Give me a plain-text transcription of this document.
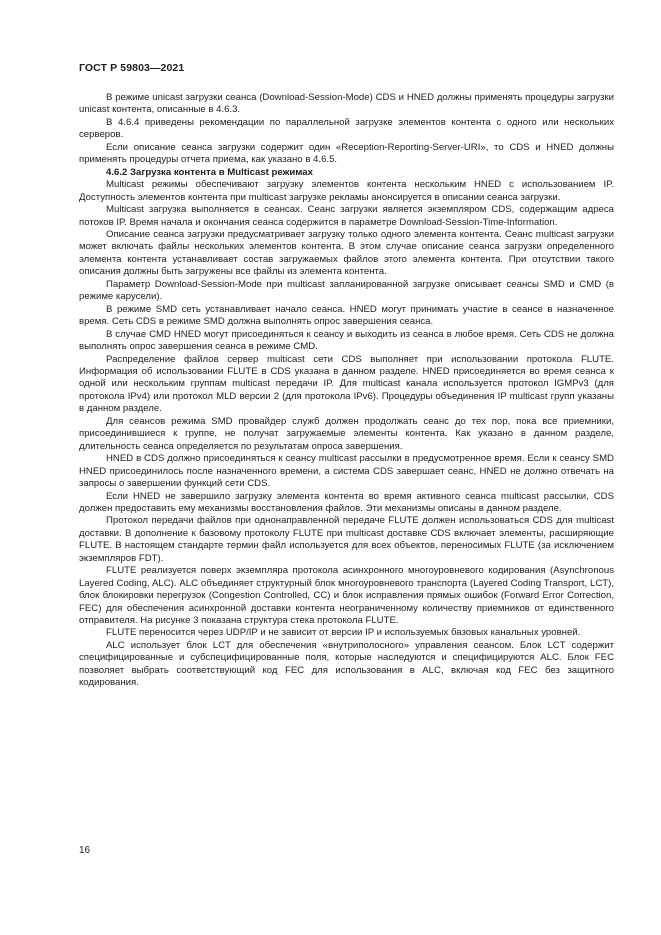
ГОСТ Р 59803—2021

В режиме unicast загрузки сеанса (Download-Session-Mode) CDS и HNED должны применять процедуры загрузки unicast контента, описанные в 4.6.3.

В 4.6.4 приведены рекомендации по параллельной загрузке элементов контента с одного или нескольких серверов.

Если описание сеанса загрузки содержит один «Reception-Reporting-Server-URI», то CDS и HNED должны применять процедуры отчета приема, как указано в 4.6.5.

4.6.2 Загрузка контента в Multicast режимах

Multicast режимы обеспечивают загрузку элементов контента нескольким HNED с использованием IP. Доступность элементов контента при multicast загрузке рекламы анонсируется в описании сеанса загрузки.

Multicast загрузка выполняется в сеансах. Сеанс загрузки является экземпляром CDS, содержащим адреса потоков IP. Время начала и окончания сеанса содержится в параметре Download-Session-Time-Information.

Описание сеанса загрузки предусматривает загрузку только одного элемента контента. Сеанс multicast загрузки может включать файлы нескольких элементов контента. В этом случае описание сеанса загрузки определенного элемента контента устанавливает состав загружаемых файлов этого элемента контента. При отсутствии такого описания должны быть загружены все файлы из элемента контента.

Параметр Download-Session-Mode при multicast запланированной загрузке описывает сеансы SMD и CMD (в режиме карусели).

В режиме SMD сеть устанавливает начало сеанса. HNED могут принимать участие в сеансе в назначенное время. Сеть CDS в режиме SMD должна выполнять опрос завершения сеанса.

В случае CMD HNED могут присоединяться к сеансу и выходить из сеанса в любое время. Сеть CDS не должна выполнять опрос завершения сеанса в режиме CMD.

Распределение файлов сервер multicast сети CDS выполняет при использовании протокола FLUTE. Информация об использовании FLUTE в CDS указана в данном разделе. HNED присоединяется во время сеанса к одной или нескольким группам multicast передачи IP. Для multicast канала используется протокол IGMPv3 (для протокола IPv4) или протокол MLD версии 2 (для протокола IPv6). Процедуры объединения IP multicast групп указаны в данном разделе.

Для сеансов режима SMD провайдер служб должен продолжать сеанс до тех пор, пока все приемники, присоединившиеся к группе, не получат загружаемые элементы контента. Как указано в данном разделе, длительность сеанса определяется по результатам опроса завершения.

HNED в CDS должно присоединяться к сеансу multicast рассылки в предусмотренное время. Если к сеансу SMD HNED присоединилось после назначенного времени, а система CDS завершает сеанс, HNED не должно отвечать на запросы о завершении функций сети CDS.

Если HNED не завершило загрузку элемента контента во время активного сеанса multicast рассылки, CDS должен предоставить ему механизмы восстановления файлов. Эти механизмы описаны в данном разделе.

Протокол передачи файлов при однонаправленной передаче FLUTE должен использоваться CDS для multicast доставки. В дополнение к базовому протоколу FLUTE при multicast доставке CDS включает элементы, расширяющие FLUTE. В настоящем стандарте термин файл используется для всех объектов, переносимых FLUTE (за исключением экземпляров FDT).

FLUTE реализуется поверх экземпляра протокола асинхронного многоуровневого кодирования (Asynchronous Layered Coding, ALC). ALC объединяет структурный блок многоуровневого транспорта (Layered Coding Transport, LCT), блок блокировки перегрузок (Congestion Controlled, CC) и блок исправления прямых ошибок (Forward Error Correction, FEC) для обеспечения асинхронной доставки контента неограниченному количеству приемников от единственного отправителя. На рисунке 3 показана структура стека протокола FLUTE.

FLUTE переносится через UDP/IP и не зависит от версии IP и используемых базовых канальных уровней.

ALC использует блок LCT для обеспечения «внутриполосного» управления сеансом. Блок LCT содержит специфицированные и субспецифицированные поля, которые наследуются и специфицируются ALC. Блок FEC позволяет выбрать соответствующий код FEC для использования в ALC, включая код FEC без защитного кодирования.

16
